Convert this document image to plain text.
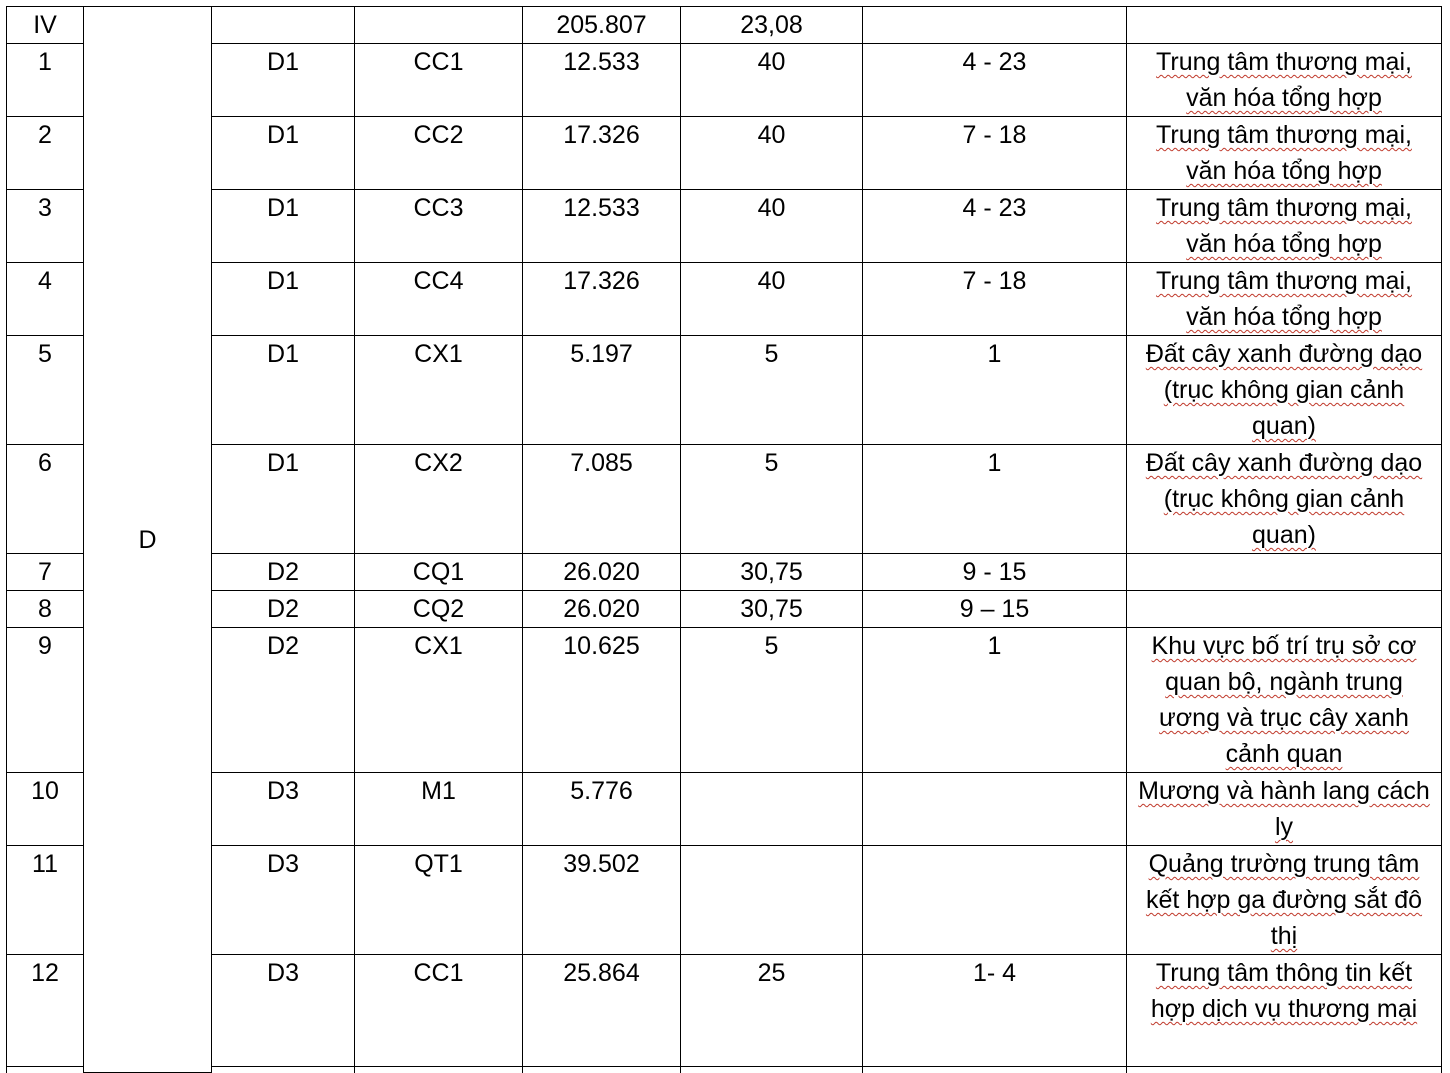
IV	D			205.807	23,08		
1		D1	CC1	12.533	40	4 - 23	Trung tâm thương mại, văn hóa tổng hợp
2		D1	CC2	17.326	40	7 - 18	Trung tâm thương mại, văn hóa tổng hợp
3		D1	CC3	12.533	40	4 - 23	Trung tâm thương mại, văn hóa tổng hợp
4		D1	CC4	17.326	40	7 - 18	Trung tâm thương mại, văn hóa tổng hợp
5		D1	CX1	5.197	5	1	Đất cây xanh đường dạo (trục không gian cảnh quan)
6		D1	CX2	7.085	5	1	Đất cây xanh đường dạo (trục không gian cảnh quan)
7		D2	CQ1	26.020	30,75	9 - 15	
8		D2	CQ2	26.020	30,75	9 – 15	
9		D2	CX1	10.625	5	1	Khu vực bố trí trụ sở cơ quan bộ, ngành trung ương và trục cây xanh cảnh quan
10		D3	M1	5.776			Mương và hành lang cách ly
11		D3	QT1	39.502			Quảng trường trung tâm kết hợp ga đường sắt đô thị
12		D3	CC1	25.864	25	1- 4	Trung tâm thông tin kết hợp dịch vụ thương mại
